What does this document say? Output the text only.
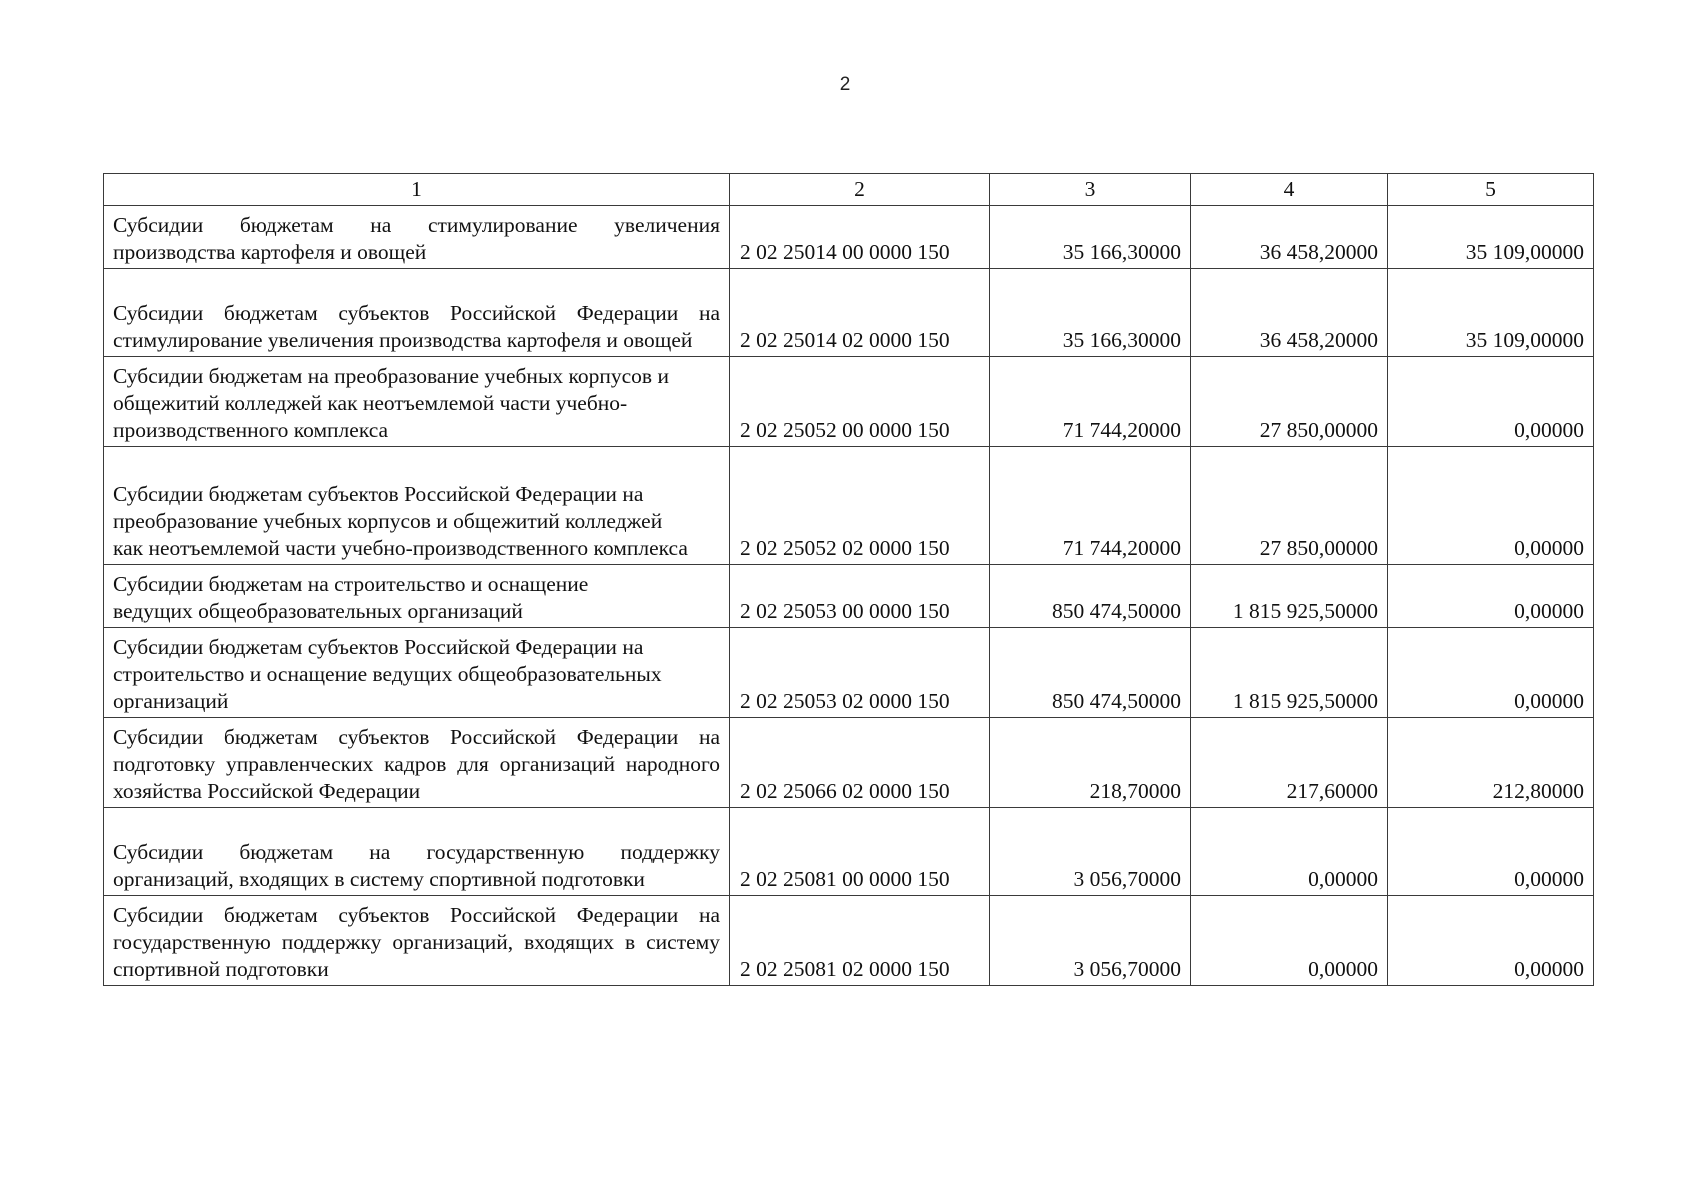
2
1	2	3	4	5
Субсидии бюджетам на стимулирование увеличения производства картофеля и овощей	2 02 25014 00 0000 150	35 166,30000	36 458,20000	35 109,00000
Субсидии бюджетам субъектов Российской Федерации на стимулирование увеличения производства картофеля и овощей	2 02 25014 02 0000 150	35 166,30000	36 458,20000	35 109,00000
Субсидии бюджетам на преобразование учебных корпусов и общежитий колледжей как неотъемлемой части учебно-производственного комплекса	2 02 25052 00 0000 150	71 744,20000	27 850,00000	0,00000
Субсидии бюджетам субъектов Российской Федерации на преобразование учебных корпусов и общежитий колледжей как неотъемлемой части учебно-производственного комплекса	2 02 25052 02 0000 150	71 744,20000	27 850,00000	0,00000
Субсидии бюджетам на строительство и оснащение ведущих общеобразовательных организаций	2 02 25053 00 0000 150	850 474,50000	1 815 925,50000	0,00000
Субсидии бюджетам субъектов Российской Федерации на строительство и оснащение ведущих общеобразовательных организаций	2 02 25053 02 0000 150	850 474,50000	1 815 925,50000	0,00000
Субсидии бюджетам субъектов Российской Федерации на подготовку управленческих кадров для организаций народного хозяйства Российской Федерации	2 02 25066 02 0000 150	218,70000	217,60000	212,80000
Субсидии бюджетам на государственную поддержку организаций, входящих в систему спортивной подготовки	2 02 25081 00 0000 150	3 056,70000	0,00000	0,00000
Субсидии бюджетам субъектов Российской Федерации на государственную поддержку организаций, входящих в систему спортивной подготовки	2 02 25081 02 0000 150	3 056,70000	0,00000	0,00000
